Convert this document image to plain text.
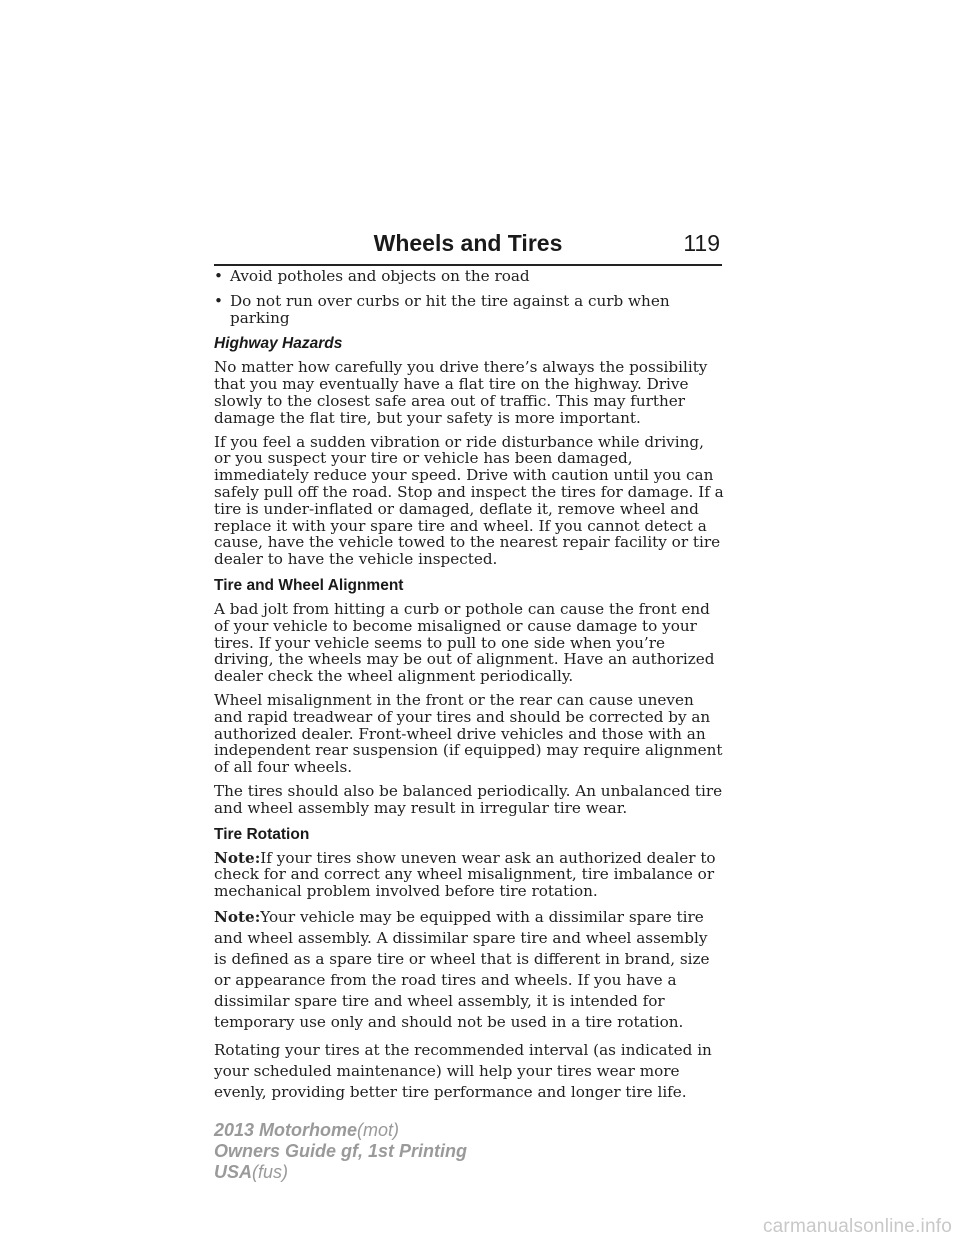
Wheels and Tires	119
• Avoid potholes and objects on the road
• Do not run over curbs or hit the tire against a curb when parking
Highway Hazards

No matter how carefully you drive there’s always the possibility that you may eventually have a flat tire on the highway. Drive slowly to the closest safe area out of traffic. This may further damage the flat tire, but your safety is more important.

If you feel a sudden vibration or ride disturbance while driving, or you suspect your tire or vehicle has been damaged, immediately reduce your speed. Drive with caution until you can safely pull off the road. Stop and inspect the tires for damage. If a tire is under-inflated or damaged, deflate it, remove wheel and replace it with your spare tire and wheel. If you cannot detect a cause, have the vehicle towed to the nearest repair facility or tire dealer to have the vehicle inspected.

Tire and Wheel Alignment

A bad jolt from hitting a curb or pothole can cause the front end of your vehicle to become misaligned or cause damage to your tires. If your vehicle seems to pull to one side when you’re driving, the wheels may be out of alignment. Have an authorized dealer check the wheel alignment periodically.

Wheel misalignment in the front or the rear can cause uneven and rapid treadwear of your tires and should be corrected by an authorized dealer. Front-wheel drive vehicles and those with an independent rear suspension (if equipped) may require alignment of all four wheels.

The tires should also be balanced periodically. An unbalanced tire and wheel assembly may result in irregular tire wear.

Tire Rotation

Note:If your tires show uneven wear ask an authorized dealer to check for and correct any wheel misalignment, tire imbalance or mechanical problem involved before tire rotation.

Note:Your vehicle may be equipped with a dissimilar spare tire and wheel assembly. A dissimilar spare tire and wheel assembly is defined as a spare tire or wheel that is different in brand, size or appearance from the road tires and wheels. If you have a dissimilar spare tire and wheel assembly, it is intended for temporary use only and should not be used in a tire rotation.

Rotating your tires at the recommended interval (as indicated in your scheduled maintenance) will help your tires wear more evenly, providing better tire performance and longer tire life.

2013 Motorhome(mot)
Owners Guide gf, 1st Printing
USA(fus)
carmanualsonline.info
